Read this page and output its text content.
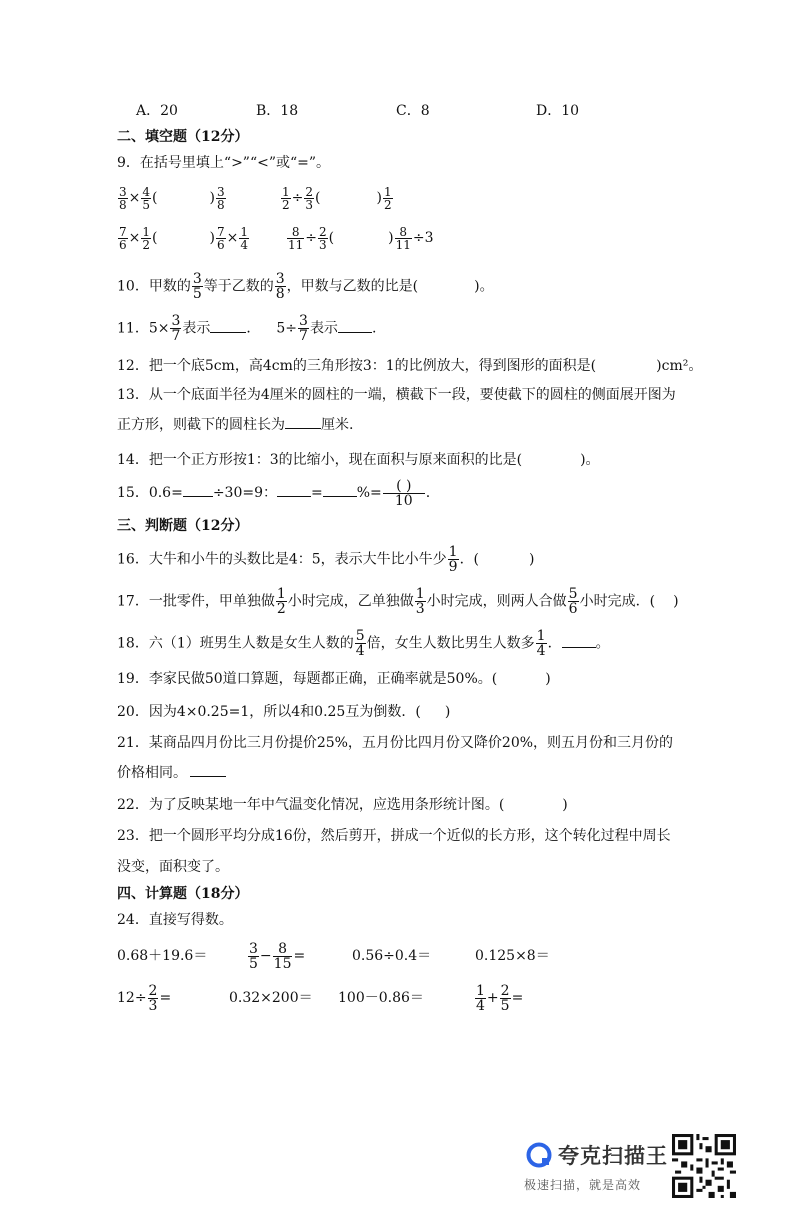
A．20	B．18	C．8	D．10
二、填空题（12分）
9．在括号里填上“>”“<”或“=”。
$\frac{3}{8} \times \frac{4}{5}$ (	) $\frac{3}{8}$	$\frac{1}{2} \div \frac{2}{3}$ (	) $\frac{1}{2}$
$\frac{7}{6} \times \frac{1}{2}$ (	) $\frac{7}{6} \times \frac{1}{4}$	$\frac{8}{11} \div \frac{2}{3}$ (	) $\frac{8}{11} \div 3$
10．甲数的 $\frac{3}{5}$ 等于乙数的 $\frac{3}{8}$ ，甲数与乙数的比是(	)。
11．$5\times \frac{3}{7}$ 表示	． $5\div \frac{3}{7}$ 表示 .
12．把一个底5cm，高4cm的三角形按3：1的比例放大，得到图形的面积是(	)cm²。
13．从一个底面半径为4厘米的圆柱的一端，横截下一段，要使截下的圆柱的侧面展开图为
正方形，则截下的圆柱长为	厘米.
14．把一个正方形按1：3的比缩小，现在面积与原来面积的比是(	)。
15．0.6= ÷30=9： = %=	( )
10 .
三、判断题（12分）
16．大牛和小牛的头数比是4：5，表示大牛比小牛少 $\frac{1}{9}$ ．(	)
17．一批零件，甲单独做 $\frac{1}{2}$ 小时完成，乙单独做 $\frac{1}{3}$ 小时完成，则两人合做 $\frac{5}{6}$ 小时完成．( )
18．六（1）班男生人数是女生人数的 $\frac{5}{4}$ 倍，女生人数比男生人数多 $\frac{1}{4}$ ． 。
19．李家民做50道口算题，每题都正确，正确率就是50%。(	)
20．因为4×0.25=1，所以4和0.25互为倒数．( )
21．某商品四月份比三月份提价25%，五月份比四月份又降价20%，则五月份和三月份的
价格相同。
22．为了反映某地一年中气温变化情况，应选用条形统计图。(	)
23．把一个圆形平均分成16份，然后剪开，拼成一个近似的长方形，这个转化过程中周长
没变，面积变了。
四、计算题（18分）
24．直接写得数。
0.68＋19.6＝	$\frac{3}{5} - \frac{8}{15}$ =	0.56÷0.4＝	0.125×8＝
$12\div \frac{2}{3}$ =	0.32×200＝ 100－0.86＝	$\frac{1}{4} + \frac{2}{5}$ =
夸克扫描王
极速扫描，就是高效
